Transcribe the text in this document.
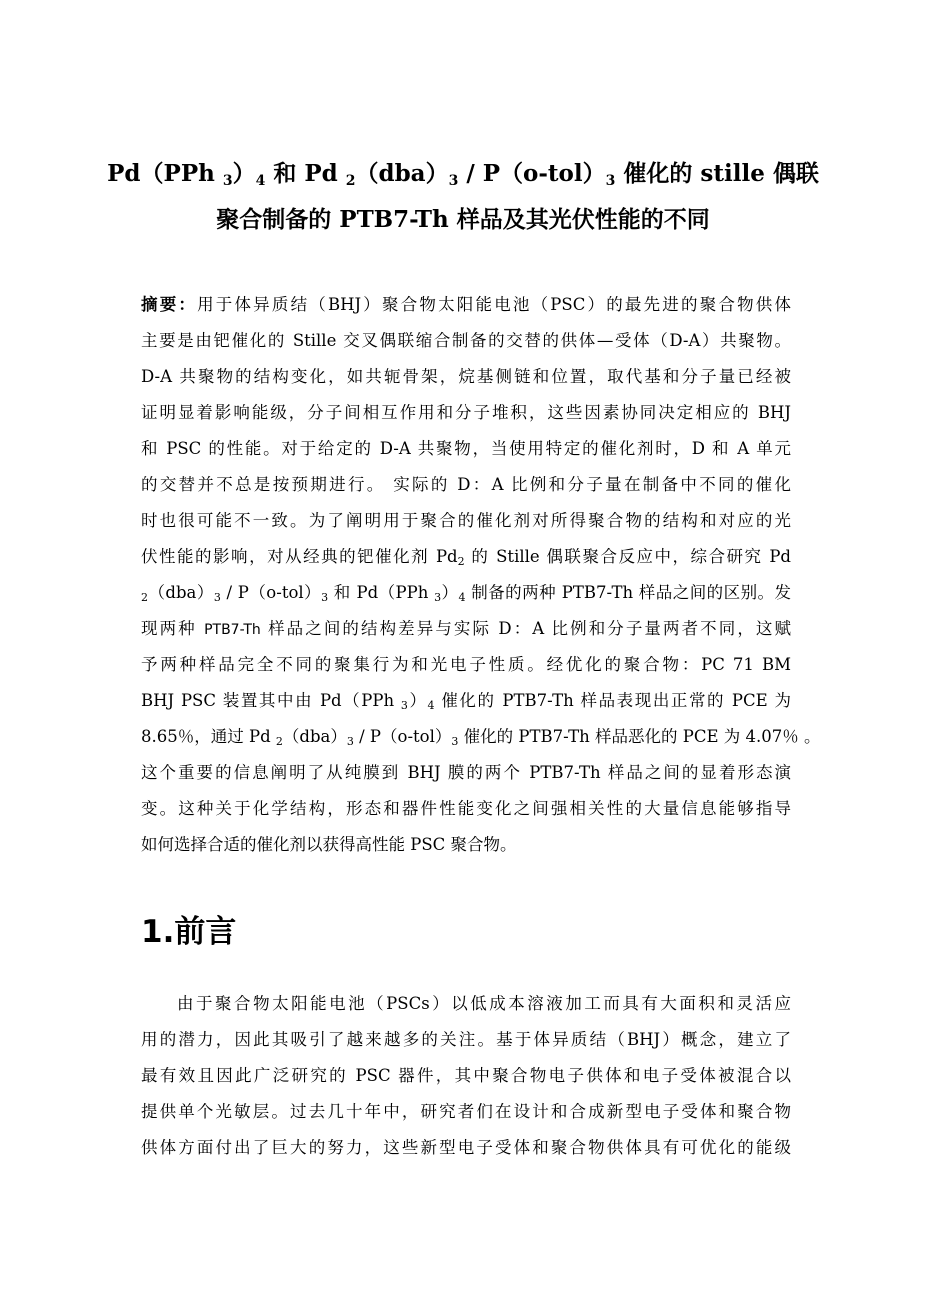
Pd（PPh $_3)_4$ 和 Pd $_2(dba)_3 / P(o-tol)_3$ 催化的 stille 偶联
聚合制备的 PTB7-Th 样品及其光伏性能的不同
摘要：用于体异质结（BHJ）聚合物太阳能电池（PSC）的最先进的聚合物供体
主要是由钯催化的 Stille 交叉偶联缩合制备的交替的供体—受体（D-A）共聚物。
D-A 共聚物的结构变化，如共轭骨架，烷基侧链和位置，取代基和分子量已经被
证明显着影响能级，分子间相互作用和分子堆积，这些因素协同决定相应的 BHJ
和 PSC 的性能。对于给定的 D-A 共聚物，当使用特定的催化剂时，D 和 A 单元
的交替并不总是按预期进行。 实际的 D：A 比例和分子量在制备中不同的催化
时也很可能不一致。为了阐明用于聚合的催化剂对所得聚合物的结构和对应的光
伏性能的影响，对从经典的钯催化剂 $Pd_2$ 的 Stille 偶联聚合反应中，综合研究 Pd
$_2(dba)_3 / P(o-tol)_3$ 和 Pd（PPh $_3)_4$ 制备的两种 PTB7-Th 样品之间的区别。发
现两种 PTB7-Th 样品之间的结构差异与实际 D：A 比例和分子量两者不同，这赋
予两种样品完全不同的聚集行为和光电子性质。经优化的聚合物：PC 71 BM
BHJ PSC 装置其中由 Pd（PPh $_3)_4$ 催化的 PTB7-Th 样品表现出正常的 PCE 为
8.65％，通过 Pd $_2(dba)_3 / P(o-tol)_3$ 催化的 PTB7-Th 样品恶化的 PCE 为 4.07％ 。
这个重要的信息阐明了从纯膜到 BHJ 膜的两个 PTB7-Th 样品之间的显着形态演
变。这种关于化学结构，形态和器件性能变化之间强相关性的大量信息能够指导
如何选择合适的催化剂以获得高性能 PSC 聚合物。
1.前言
由于聚合物太阳能电池（PSCs）以低成本溶液加工而具有大面积和灵活应
用的潜力，因此其吸引了越来越多的关注。基于体异质结（BHJ）概念，建立了
最有效且因此广泛研究的 PSC 器件，其中聚合物电子供体和电子受体被混合以
提供单个光敏层。过去几十年中，研究者们在设计和合成新型电子受体和聚合物
供体方面付出了巨大的努力，这些新型电子受体和聚合物供体具有可优化的能级
